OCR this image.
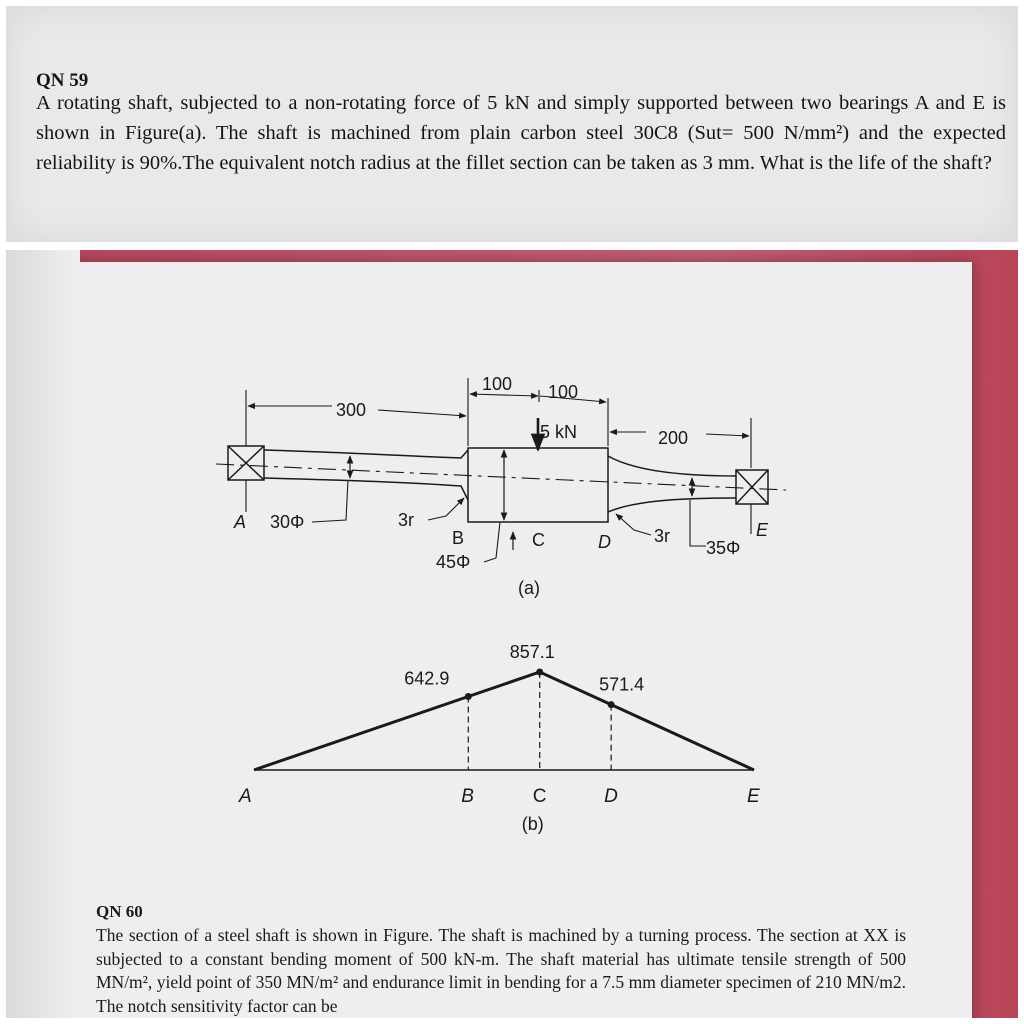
QN 59

A rotating shaft, subjected to a non-rotating force of 5 kN and simply supported between two bearings A and E is shown in Figure(a). The shaft is machined from plain carbon steel 30C8 (Sut= 500 N/mm²) and the expected reliability is 90%.The equivalent notch radius at the fillet section can be taken as 3 mm. What is the life of the shaft?

300
100 100
200
5 kN
A 30Φ	3r
B	C	D 3r
35Φ
E
45Φ
(a)
A
642.9
B
857.1
C
571.4
D	E
(b)
QN 60

The section of a steel shaft is shown in Figure. The shaft is machined by a turning process. The section at XX is subjected to a constant bending moment of 500 kN-m. The shaft material has ultimate tensile strength of 500 MN/m², yield point of 350 MN/m² and endurance limit in bending for a 7.5 mm diameter specimen of 210 MN/m2. The notch sensitivity factor can be
